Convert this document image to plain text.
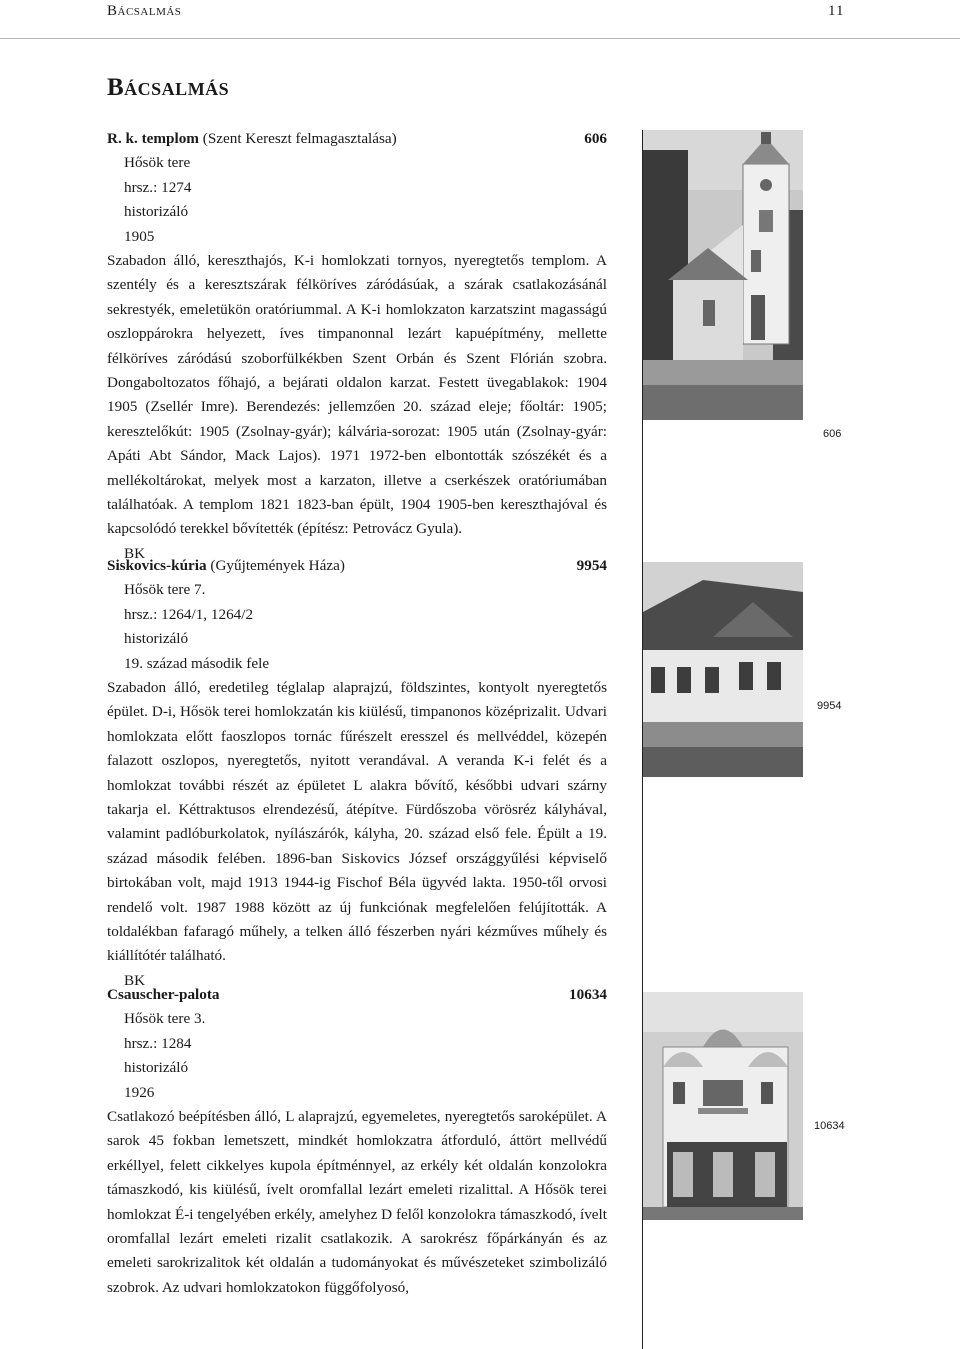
Bácsalmás	11
Bácsalmás
R. k. templom (Szent Kereszt felmagasztalása)	606
Hősök tere
hrsz.: 1274
historizáló
1905
Szabadon álló, kereszthajós, K-i homlokzati tornyos, nyeregtetős templom. A szentély és a keresztszárak félköríves záródásúak, a szárak csatlakozásánál sekrestyék, emeletükön oratóriummal. A K-i homlokzaton karzatszint magasságú oszloppárokra helyezett, íves timpanonnal lezárt kapuépítmény, mellette félköríves záródású szoborfülkékben Szent Orbán és Szent Flórián szobra. Dongaboltozatos főhajó, a bejárati oldalon karzat. Festett üvegablakok: 1904 1905 (Zsellér Imre). Berendezés: jellemzően 20. század eleje; főoltár: 1905; keresztelőkút: 1905 (Zsolnay-gyár); kálvária-sorozat: 1905 után (Zsolnay-gyár: Apáti Abt Sándor, Mack Lajos). 1971 1972-ben elbontották szószékét és a mellékoltárokat, melyek most a karzaton, illetve a cserkészek oratóriumában találhatóak. A templom 1821 1823-ban épült, 1904 1905-ben kereszthajóval és kapcsolódó terekkel bővítették (építész: Petrovácz Gyula).
BK
Siskovics-kúria (Gyűjtemények Háza)	9954
Hősök tere 7.
hrsz.: 1264/1, 1264/2
historizáló
19. század második fele
Szabadon álló, eredetileg téglalap alaprajzú, földszintes, kontyolt nyeregtetős épület. D-i, Hősök terei homlokzatán kis kiülésű, timpanonos középrizalit. Udvari homlokzata előtt faoszlopos tornác fűrészelt eresszel és mellvéddel, közepén falazott oszlopos, nyeregtetős, nyitott verandával. A veranda K-i felét és a homlokzat további részét az épületet L alakra bővítő, későbbi udvari szárny takarja el. Kéttraktusos elrendezésű, átépítve. Fürdőszoba vörösréz kályhával, valamint padlóburkolatok, nyílászárók, kályha, 20. század első fele. Épült a 19. század második felében. 1896-ban Siskovics József országgyűlési képviselő birtokában volt, majd 1913 1944-ig Fischof Béla ügyvéd lakta. 1950-től orvosi rendelő volt. 1987 1988 között az új funkciónak megfelelően felújították. A toldalékban fafaragó műhely, a telken álló fészerben nyári kézműves műhely és kiállítótér található.
BK
Csauscher-palota	10634
Hősök tere 3.
hrsz.: 1284
historizáló
1926
Csatlakozó beépítésben álló, L alaprajzú, egyemeletes, nyeregtetős saroképület. A sarok 45 fokban lemetszett, mindkét homlokzatra átforduló, áttört mellvédű erkéllyel, felett cikkelyes kupola építménnyel, az erkély két oldalán konzolokra támaszkodó, kis kiülésű, ívelt oromfallal lezárt emeleti rizalittal. A Hősök terei homlokzat É-i tengelyében erkély, amelyhez D felől konzolokra támaszkodó, ívelt oromfallal lezárt emeleti rizalit csatlakozik. A sarokrész főpárkányán és az emeleti sarokrizalitok két oldalán a tudományokat és művészeteket szimbolizáló szobrok. Az udvari homlokzatokon függőfolyosó,
606
9954
10634
